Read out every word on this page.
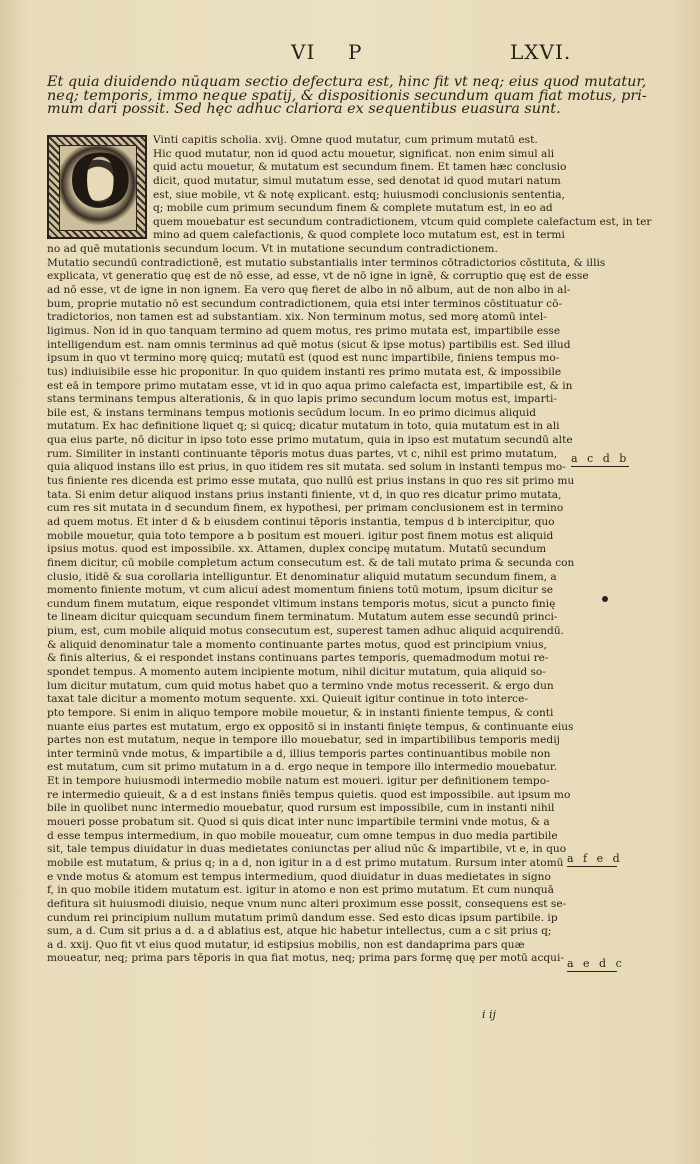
VI P	LXVI.
Et quia diuidendo nūquam sectio defectura est, hinc fit vt neq; eius quod mutatur,
neq; temporis, immo neque spatij, & dispositionis secundum quam fiat motus, pri-
mum dari possit. Sed hęc adhuc clariora ex sequentibus euasura sunt.
O	Vinti capitis scholia. xvij. Omne quod mutatur, cum primum mutatū est.
Hic quod mutatur, non id quod actu mouetur, significat. non enim simul ali
quid actu mouetur, & mutatum est secundum finem. Et tamen hæc conclusio
dicit, quod mutatur, simul mutatum esse, sed denotat id quod mutari natum
est, siue mobile, vt & notę explicant. estq; huiusmodi conclusionis sententia,
q; mobile cum primum secundum finem & complete mutatum est, in eo ad
quem mouebatur est secundum contradictionem, vtcum quid complete calefactum est, in ter
mino ad quem calefactionis, & quod complete loco mutatum est, est in termi
no ad quē mutationis secundum locum. Vt in mutatione secundum contradictionem.
Mutatio secundū contradictionē, est mutatio substantialis inter terminos cōtradictorios cōstituta, & illis
explicata, vt generatio quę est de nō esse, ad esse, vt de nō igne in ignē, & corruptio quę est de esse
ad nō esse, vt de igne in non ignem. Ea vero quę fieret de albo in nō album, aut de non albo in al-
bum, proprie mutatio nō est secundum contradictionem, quia etsi inter terminos cōstituatur cō-
tradictorios, non tamen est ad substantiam. xix. Non terminum motus, sed morę atomū intel-
ligimus. Non id in quo tanquam termino ad quem motus, res primo mutata est, impartibile esse
intelligendum est. nam omnis terminus ad quē motus (sicut & ipse motus) partibilis est. Sed illud
ipsum in quo vt termino morę quicq; mutatū est (quod est nunc impartibile, finiens tempus mo-
tus) indiuisibile esse hic proponitur. In quo quidem instanti res primo mutata est, & impossibile
est eā in tempore primo mutatam esse, vt id in quo aqua primo calefacta est, impartibile est, & in
stans terminans tempus alterationis, & in quo lapis primo secundum locum motus est, imparti-
bile est, & instans terminans tempus motionis secūdum locum. In eo primo dicimus aliquid
mutatum. Ex hac definitione liquet q; si quicq; dicatur mutatum in toto, quia mutatum est in ali
qua eius parte, nō dicitur in ipso toto esse primo mutatum, quia in ipso est mutatum secundū alte
rum. Similiter in instanti continuante tēporis motus duas partes, vt c, nihil est primo mutatum,
quia aliquod instans illo est prius, in quo itidem res sit mutata. sed solum in instanti tempus mo-
tus finiente res dicenda est primo esse mutata, quo nullū est prius instans in quo res sit primo mu
tata. Si enim detur aliquod instans prius instanti finiente, vt d, in quo res dicatur primo mutata,
cum res sit mutata in d secundum finem, ex hypothesi, per primam conclusionem est in termino
ad quem motus. Et inter d & b eiusdem continui tēporis instantia, tempus d b intercipitur, quo
mobile mouetur, quia toto tempore a b positum est moueri. igitur post finem motus est aliquid
ipsius motus. quod est impossibile. xx. Attamen, duplex concipę mutatum. Mutatū secundum
finem dicitur, cū mobile completum actum consecutum est. & de tali mutato prima & secunda con
clusio, itidē & sua corollaria intelliguntur. Et denominatur aliquid mutatum secundum finem, a
momento finiente motum, vt cum alicui adest momentum finiens totū motum, ipsum dicitur se
cundum finem mutatum, eique respondet vltimum instans temporis motus, sicut a puncto finię
te lineam dicitur quicquam secundum finem terminatum. Mutatum autem esse secundū princi-
pium, est, cum mobile aliquid motus consecutum est, superest tamen adhuc aliquid acquirendū.
& aliquid denominatur tale a momento continuante partes motus, quod est principium vnius,
& finis alterius, & ei respondet instans continuans partes temporis, quemadmodum motui re-
spondet tempus. A momento autem incipiente motum, nihil dicitur mutatum, quia aliquid so-
lum dicitur mutatum, cum quid motus habet quo a termino vnde motus recesserit. & ergo dun
taxat tale dicitur a momento motum sequente. xxi. Quieuit igitur continue in toto interce-
pto tempore. Si enim in aliquo tempore mobile mouetur, & in instanti finiente tempus, & conti
nuante eius partes est mutatum, ergo ex oppositō si in instanti finięte tempus, & continuante eius
partes non est mutatum, neque in tempore illo mouebatur, sed in impartibilibus temporis medij
inter terminū vnde motus, & impartibile a d, illius temporis partes continuantibus mobile non
est mutatum, cum sit primo mutatum in a d. ergo neque in tempore illo intermedio mouebatur.
Et in tempore huiusmodi intermedio mobile natum est moueri. igitur per definitionem tempo-
re intermedio quieuit, & a d est instans finiēs tempus quietis. quod est impossibile. aut ipsum mo
bile in quolibet nunc intermedio mouebatur, quod rursum est impossibile, cum in instanti nihil
moueri posse probatum sit. Quod si quis dicat inter nunc impartibile termini vnde motus, & a
d esse tempus intermedium, in quo mobile moueatur, cum omne tempus in duo media partibile
sit, tale tempus diuidatur in duas medietates coniunctas per aliud nūc & impartibile, vt e, in quo
mobile est mutatum, & prius q; in a d, non igitur in a d est primo mutatum. Rursum inter atomū
e vnde motus & atomum est tempus intermedium, quod diuidatur in duas medietates in signo
f, in quo mobile itidem mutatum est. igitur in atomo e non est primo mutatum. Et cum nunquā
defitura sit huiusmodi diuisio, neque vnum nunc alteri proximum esse possit, consequens est se-
cundum rei principium nullum mutatum primū dandum esse. Sed esto dicas ipsum partibile. ip
sum, a d. Cum sit prius a d. a d ablatius est, atque hic habetur intellectus, cum a c sit prius q;
a d. xxij. Quo fit vt eius quod mutatur, id estipsius mobilis, non est dandaprima pars quæ
moueatur, neq; prima pars tēporis in qua fiat motus, neq; prima pars formę quę per motū acqui-
a c d b
a f e d
a e d c
i ij
